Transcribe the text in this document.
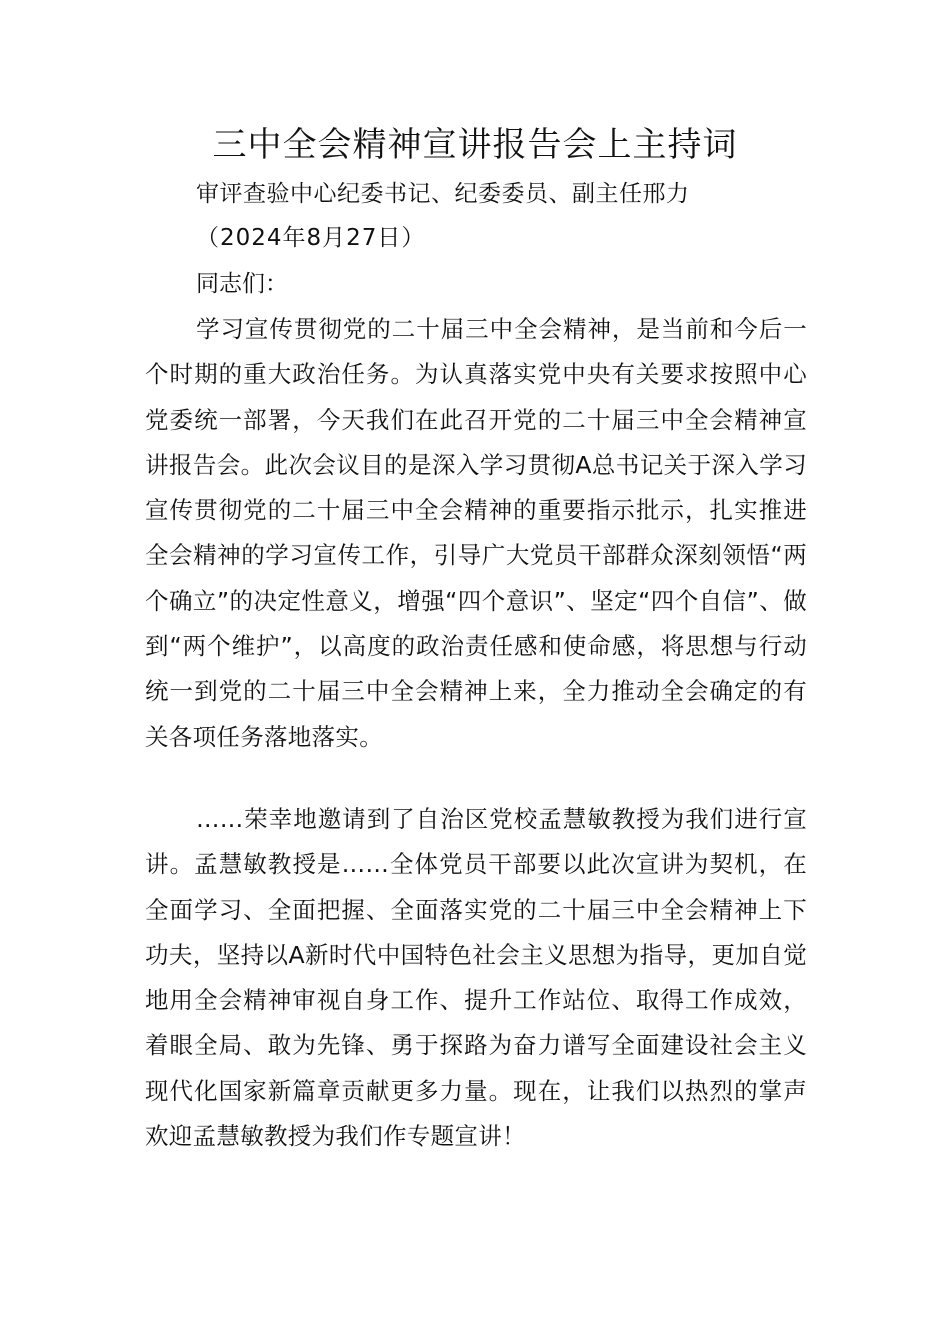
三中全会精神宣讲报告会上主持词
审评查验中心纪委书记、纪委委员、副主任邢力
（2024年8月27日）
同志们：

学习宣传贯彻党的二十届三中全会精神，是当前和今后一个时期的重大政治任务。为认真落实党中央有关要求按照中心党委统一部署，今天我们在此召开党的二十届三中全会精神宣讲报告会。此次会议目的是深入学习贯彻A总书记关于深入学习宣传贯彻党的二十届三中全会精神的重要指示批示，扎实推进全会精神的学习宣传工作，引导广大党员干部群众深刻领悟“两个确立”的决定性意义，增强“四个意识”、坚定“四个自信”、做到“两个维护”，以高度的政治责任感和使命感，将思想与行动统一到党的二十届三中全会精神上来，全力推动全会确定的有关各项任务落地落实。

……荣幸地邀请到了自治区党校孟慧敏教授为我们进行宣讲。孟慧敏教授是……全体党员干部要以此次宣讲为契机，在全面学习、全面把握、全面落实党的二十届三中全会精神上下功夫，坚持以A新时代中国特色社会主义思想为指导，更加自觉地用全会精神审视自身工作、提升工作站位、取得工作成效，着眼全局、敢为先锋、勇于探路为奋力谱写全面建设社会主义现代化国家新篇章贡献更多力量。现在，让我们以热烈的掌声欢迎孟慧敏教授为我们作专题宣讲！
